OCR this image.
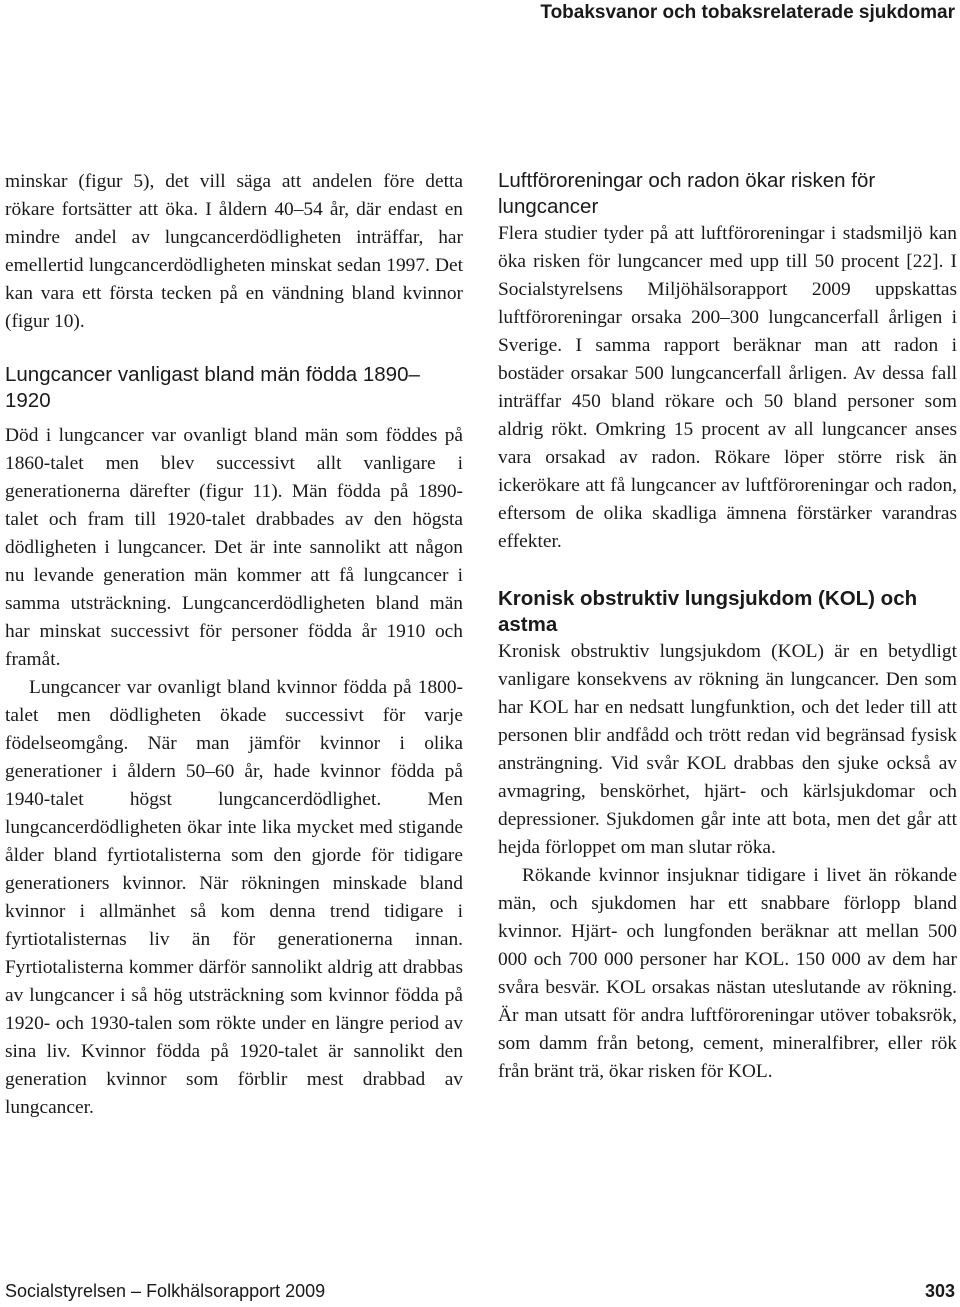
Tobaksvanor och tobaksrelaterade sjukdomar

minskar (figur 5), det vill säga att andelen före detta rökare fortsätter att öka. I åldern 40–54 år, där endast en mindre andel av lungcancerdödligheten inträffar, har emellertid lungcancerdödligheten minskat sedan 1997. Det kan vara ett första tecken på en vändning bland kvinnor (figur 10).

Lungcancer vanligast bland män födda 1890–1920

Död i lungcancer var ovanligt bland män som föddes på 1860-talet men blev successivt allt vanligare i generationerna därefter (figur 11). Män födda på 1890-talet och fram till 1920-talet drabbades av den högsta dödligheten i lungcancer. Det är inte sannolikt att någon nu levande generation män kommer att få lungcancer i samma utsträckning. Lungcancerdödligheten bland män har minskat successivt för personer födda år 1910 och framåt.

Lungcancer var ovanligt bland kvinnor födda på 1800-talet men dödligheten ökade successivt för varje födelseomgång. När man jämför kvinnor i olika generationer i åldern 50–60 år, hade kvinnor födda på 1940-talet högst lungcancerdödlighet. Men lungcancerdödligheten ökar inte lika mycket med stigande ålder bland fyrtiotalisterna som den gjorde för tidigare generationers kvinnor. När rökningen minskade bland kvinnor i allmänhet så kom denna trend tidigare i fyrtiotalisternas liv än för generationerna innan. Fyrtiotalisterna kommer därför sannolikt aldrig att drabbas av lungcancer i så hög utsträckning som kvinnor födda på 1920- och 1930-talen som rökte under en längre period av sina liv. Kvinnor födda på 1920-talet är sannolikt den generation kvinnor som förblir mest drabbad av lungcancer.

Luftföroreningar och radon ökar risken för lungcancer

Flera studier tyder på att luftföroreningar i stadsmiljö kan öka risken för lungcancer med upp till 50 procent [22]. I Socialstyrelsens Miljöhälsorapport 2009 uppskattas luftföroreningar orsaka 200–300 lungcancerfall årligen i Sverige. I samma rapport beräknar man att radon i bostäder orsakar 500 lungcancerfall årligen. Av dessa fall inträffar 450 bland rökare och 50 bland personer som aldrig rökt. Omkring 15 procent av all lungcancer anses vara orsakad av radon. Rökare löper större risk än ickerökare att få lungcancer av luftföroreningar och radon, eftersom de olika skadliga ämnena förstärker varandras effekter.

Kronisk obstruktiv lungsjukdom (KOL) och astma

Kronisk obstruktiv lungsjukdom (KOL) är en betydligt vanligare konsekvens av rökning än lungcancer. Den som har KOL har en nedsatt lungfunktion, och det leder till att personen blir andfådd och trött redan vid begränsad fysisk ansträngning. Vid svår KOL drabbas den sjuke också av avmagring, benskörhet, hjärt- och kärlsjukdomar och depressioner. Sjukdomen går inte att bota, men det går att hejda förloppet om man slutar röka.

Rökande kvinnor insjuknar tidigare i livet än rökande män, och sjukdomen har ett snabbare förlopp bland kvinnor. Hjärt- och lungfonden beräknar att mellan 500 000 och 700 000 personer har KOL. 150 000 av dem har svåra besvär. KOL orsakas nästan uteslutande av rökning. Är man utsatt för andra luftföroreningar utöver tobaksrök, som damm från betong, cement, mineralfibrer, eller rök från bränt trä, ökar risken för KOL.

Socialstyrelsen – Folkhälsorapport 2009	303
